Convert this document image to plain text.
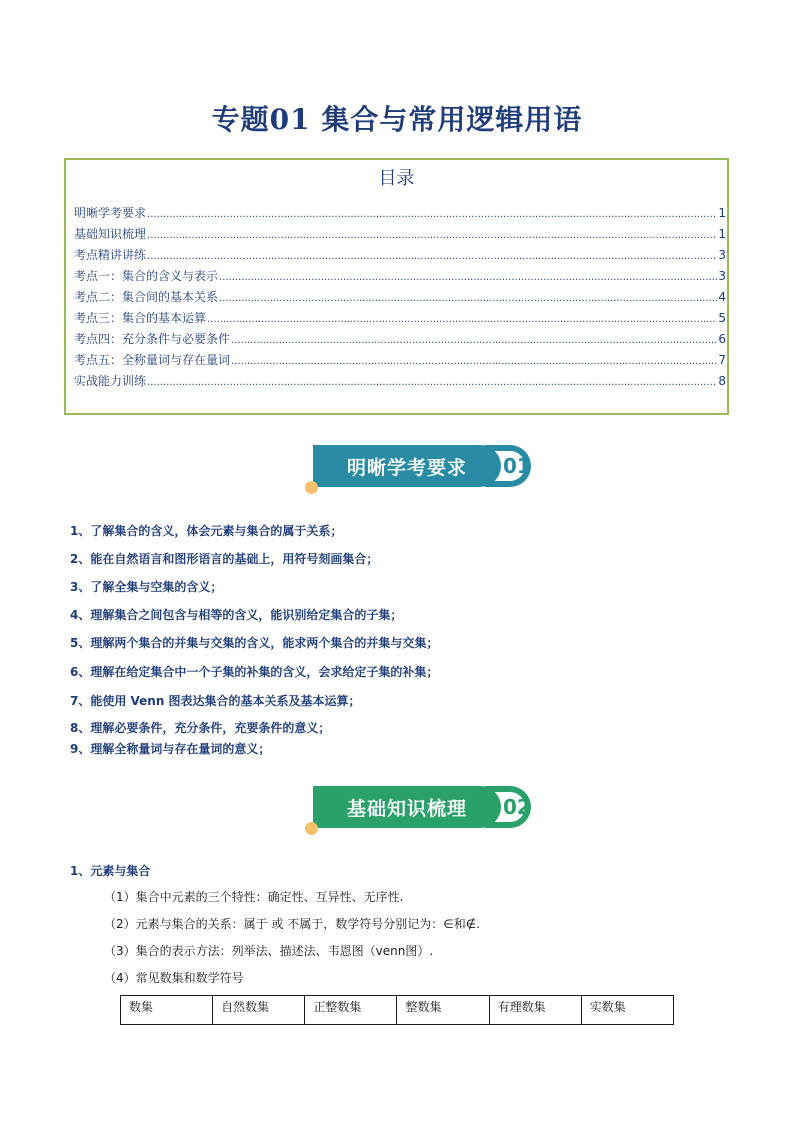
专题01 集合与常用逻辑用语
目录
明晰学考要求 .....	1
基础知识梳理 .....	1
考点精讲讲练 .....	3
考点一：集合的含义与表示 .....	3
考点二：集合间的基本关系 .....	4
考点三：集合的基本运算 .....	5
考点四：充分条件与必要条件 .....	6
考点五：全称量词与存在量词 .....	7
实战能力训练 .....	8
明晰学考要求	01
1、了解集合的含义，体会元素与集合的属于关系；
2、能在自然语言和图形语言的基础上，用符号刻画集合；
3、了解全集与空集的含义；
4、理解集合之间包含与相等的含义，能识别给定集合的子集；
5、理解两个集合的并集与交集的含义，能求两个集合的并集与交集；
6、理解在给定集合中一个子集的补集的含义，会求给定子集的补集；
7、能使用 Venn 图表达集合的基本关系及基本运算；
8、理解必要条件，充分条件，充要条件的意义；
9、理解全称量词与存在量词的意义；
基础知识梳理	02
1、元素与集合
（1）集合中元素的三个特性：确定性、互异性、无序性.
（2）元素与集合的关系：属于 或 不属于，数学符号分别记为：∈和∉.
（3）集合的表示方法：列举法、描述法、韦恩图（venn图）.
（4）常见数集和数学符号
数集	自然数集	正整数集	整数集	有理数集	实数集
